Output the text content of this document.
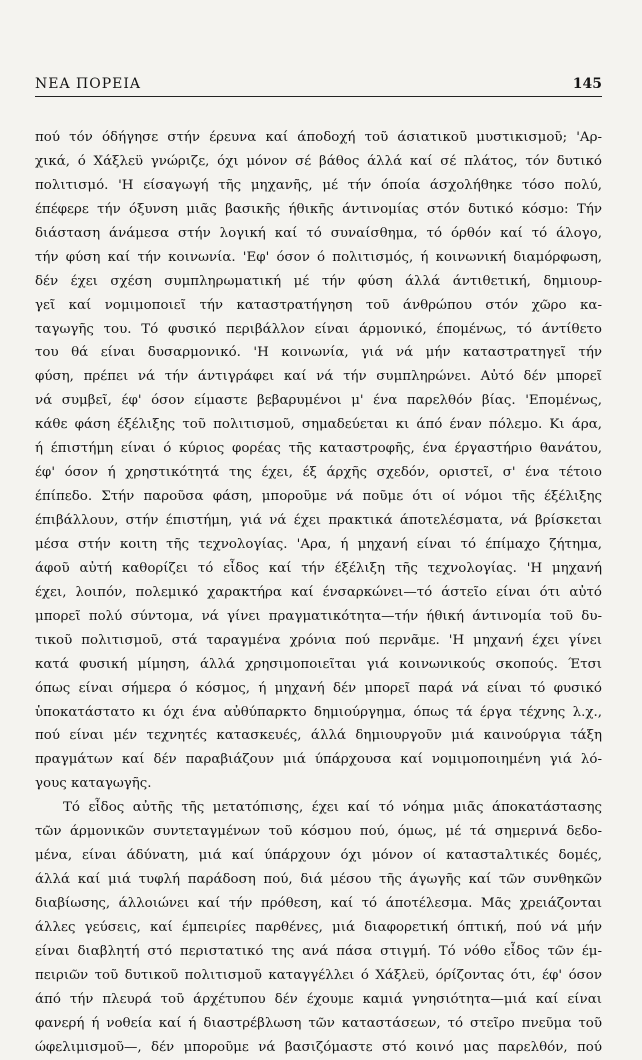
ΝΕΑ ΠΟΡΕΙΑ	145
πού τόν όδήγησε στήν έρευνα καί άποδοχή τοῦ άσιατικοῦ μυστικισμοῦ; 'Αρ-
χικά, ό Χάξλεϋ γνώριζε, όχι μόνον σέ βάθος άλλά καί σέ πλάτος, τόν δυτικό
πολιτισμό. 'Η είσαγωγή τῆς μηχανῆς, μέ τήν όποία άσχολήθηκε τόσο πολύ,
έπέφερε τήν όξυνση μιᾶς βασικῆς ήθικῆς άντινομίας στόν δυτικό κόσμο: Τήν
διάσταση άνάμεσα στήν λογική καί τό συναίσθημα, τό όρθόν καί τό άλογο,
τήν φύση καί τήν κοινωνία. 'Εφ' όσον ό πολιτισμός, ή κοινωνική διαμόρφωση,
δέν έχει σχέση συμπληρωματική μέ τήν φύση άλλά άντιθετική, δημιουρ-
γεῖ καί νομιμοποιεῖ τήν καταστρατήγηση τοῦ άνθρώπου στόν χῶρο κα-
ταγωγῆς του. Τό φυσικό περιβάλλον είναι άρμονικό, έπομένως, τό άντίθετο
του θά είναι δυσαρμονικό. 'Η κοινωνία, γιά νά μήν καταστρατηγεῖ τήν
φύση, πρέπει νά τήν άντιγράφει καί νά τήν συμπληρώνει. Αὐτό δέν μπορεῖ
νά συμβεῖ, έφ' όσον είμαστε βεβαρυμένοι μ' ένα παρελθόν βίας. 'Επομένως,
κάθε φάση έξέλιξης τοῦ πολιτισμοῦ, σημαδεύεται κι άπό έναν πόλεμο. Κι άρα,
ή έπιστήμη είναι ό κύριος φορέας τῆς καταστροφῆς, ένα έργαστήριο θανάτου,
έφ' όσον ή χρηστικότητά της έχει, έξ άρχῆς σχεδόν, οριστεῖ, σ' ένα τέτοιο
έπίπεδο. Στήν παροῦσα φάση, μποροῦμε νά ποῦμε ότι οί νόμοι τῆς έξέλιξης
έπιβάλλουν, στήν έπιστήμη, γιά νά έχει πρακτικά άποτελέσματα, νά βρίσκεται
μέσα στήν κοιτη τῆς τεχνολογίας. 'Αρα, ή μηχανή είναι τό έπίμαχο ζήτημα,
άφοῦ αὐτή καθορίζει τό εἶδος καί τήν έξέλιξη τῆς τεχνολογίας. 'Η μηχανή
έχει, λοιπόν, πολεμικό χαρακτήρα καί ένσαρκώνει—τό άστεῖο είναι ότι αὐτό
μπορεῖ πολύ σύντομα, νά γίνει πραγματικότητα—τήν ήθική άντινομία τοῦ δυ-
τικοῦ πολιτισμοῦ, στά ταραγμένα χρόνια πού περνᾶμε. 'Η μηχανή έχει γίνει
κατά φυσική μίμηση, άλλά χρησιμοποιεῖται γιά κοινωνικούς σκοπούς. Έτσι
όπως είναι σήμερα ό κόσμος, ή μηχανή δέν μπορεῖ παρά νά είναι τό φυσικό
ὑποκατάστατο κι όχι ένα αὐθύπαρκτο δημιούργημα, όπως τά έργα τέχνης λ.χ.,
πού είναι μέν τεχνητές κατασκευές, άλλά δημιουργοῦν μιά καινούργια τάξη
πραγμάτων καί δέν παραβιάζουν μιά ύπάρχουσα καί νομιμοποιημένη γιά λό-
γους καταγωγῆς.
Τό εἶδος αὐτῆς τῆς μετατόπισης, έχει καί τό νόημα μιᾶς άποκατάστασης
τῶν άρμονικῶν συντεταγμένων τοῦ κόσμου πού, όμως, μέ τά σημερινά δεδο-
μένα, είναι άδύνατη, μιά καί ύπάρχουν όχι μόνον οί καταστaλτικές δομές,
άλλά καί μιά τυφλή παράδοση πού, διά μέσου τῆς άγωγῆς καί τῶν συνθηκῶν
διαβίωσης, άλλοιώνει καί τήν πρόθεση, καί τό άποτέλεσμα. Μᾶς χρειάζονται
άλλες γεύσεις, καί έμπειρίες παρθένες, μιά διαφορετική όπτική, πού νά μήν
είναι διαβλητή στό περιστατικό της ανά πάσα στιγμή. Τό νόθο εἶδος τῶν έμ-
πειριῶν τοῦ δυτικοῦ πολιτισμοῦ καταγγέλλει ό Χάξλεϋ, όρίζοντας ότι, έφ' όσον
άπό τήν πλευρά τοῦ άρχέτυπου δέν έχουμε καμιά γνησιότητα—μιά καί είναι
φανερή ή νοθεία καί ή διαστρέβλωση τῶν καταστάσεων, τό στεῖρο πνεῦμα τοῦ
ώφελιμισμοῦ—, δέν μποροῦμε νά βασιζόμαστε στό κοινό μας παρελθόν, πού
